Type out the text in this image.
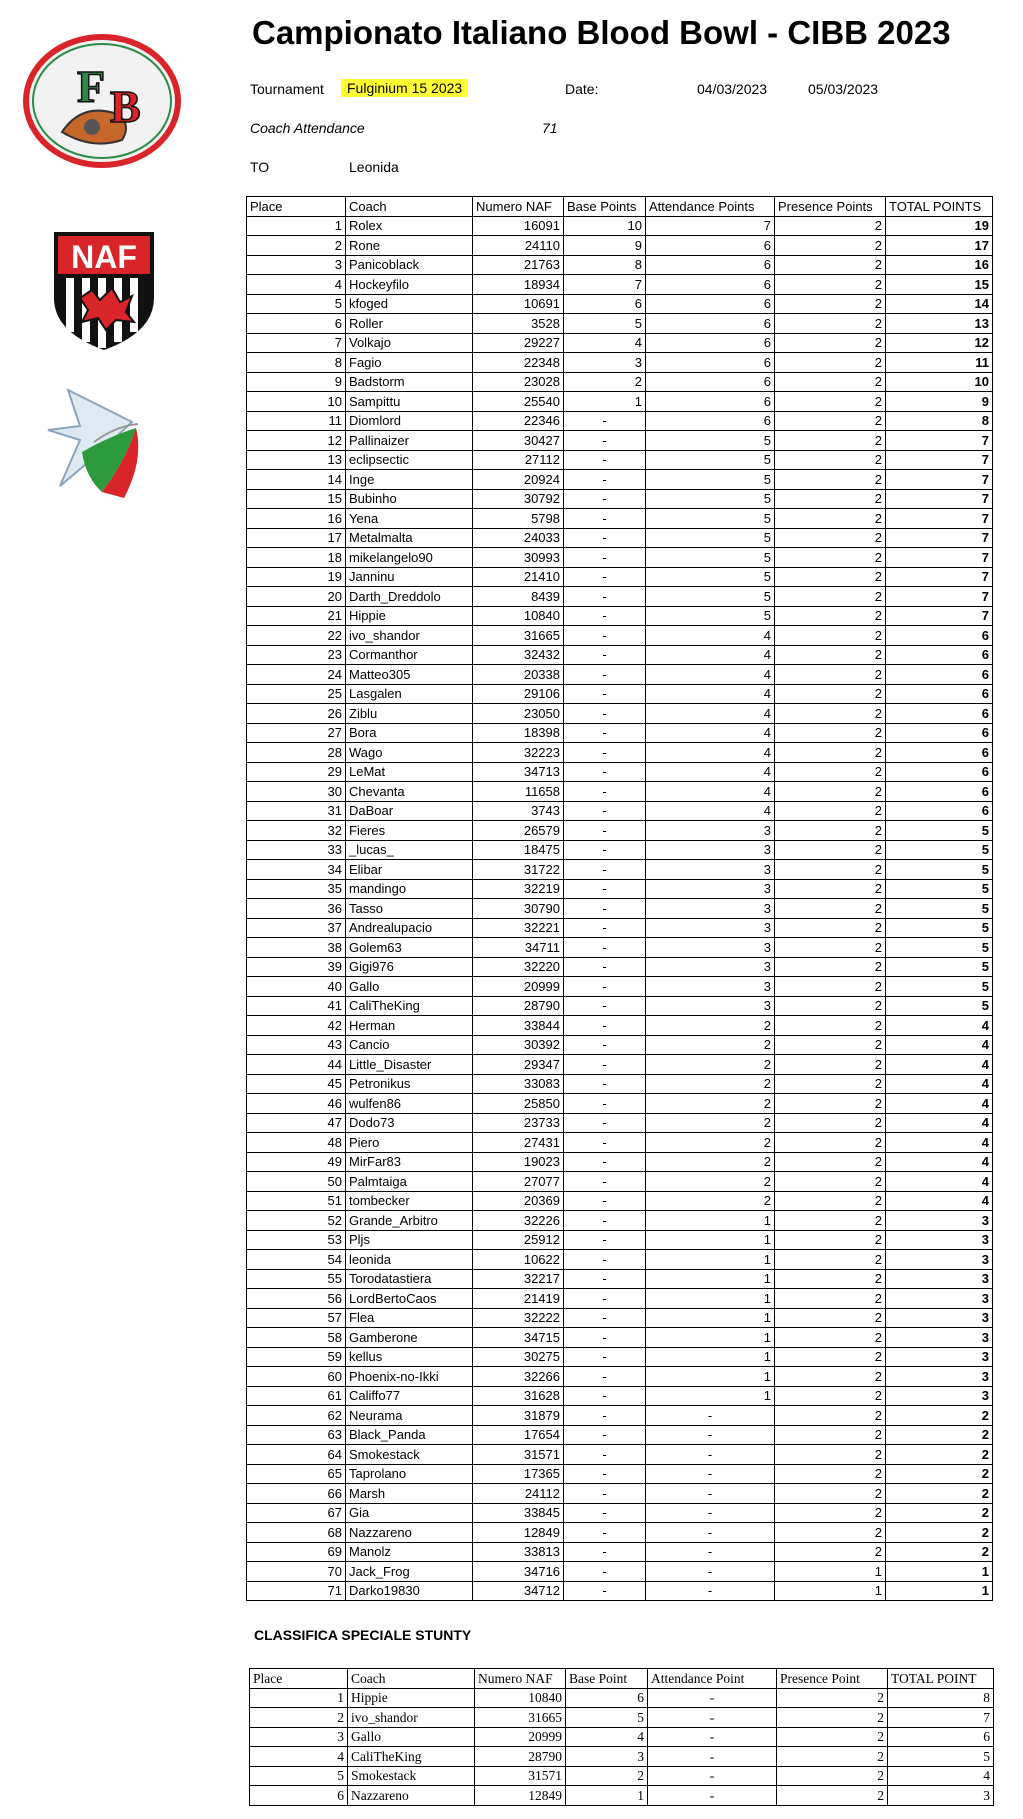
F B
NAF
Campionato Italiano Blood Bowl - CIBB 2023
Tournament	Fulginium 15 2023	Date:	04/03/2023	05/03/2023
Coach Attendance	71
TO	Leonida
Place	Coach	Numero NAF	Base Points	Attendance Points	Presence Points	TOTAL POINTS
1	Rolex	16091	10	7	2	19
2	Rone	24110	9	6	2	17
3	Panicoblack	21763	8	6	2	16
4	Hockeyfilo	18934	7	6	2	15
5	kfoged	10691	6	6	2	14
6	Roller	3528	5	6	2	13
7	Volkajo	29227	4	6	2	12
8	Fagio	22348	3	6	2	11
9	Badstorm	23028	2	6	2	10
10	Sampittu	25540	1	6	2	9
11	Diomlord	22346	-	6	2	8
12	Pallinaizer	30427	-	5	2	7
13	eclipsectic	27112	-	5	2	7
14	Inge	20924	-	5	2	7
15	Bubinho	30792	-	5	2	7
16	Yena	5798	-	5	2	7
17	Metalmalta	24033	-	5	2	7
18	mikelangelo90	30993	-	5	2	7
19	Janninu	21410	-	5	2	7
20	Darth_Dreddolo	8439	-	5	2	7
21	Hippie	10840	-	5	2	7
22	ivo_shandor	31665	-	4	2	6
23	Cormanthor	32432	-	4	2	6
24	Matteo305	20338	-	4	2	6
25	Lasgalen	29106	-	4	2	6
26	Ziblu	23050	-	4	2	6
27	Bora	18398	-	4	2	6
28	Wago	32223	-	4	2	6
29	LeMat	34713	-	4	2	6
30	Chevanta	11658	-	4	2	6
31	DaBoar	3743	-	4	2	6
32	Fieres	26579	-	3	2	5
33	_lucas_	18475	-	3	2	5
34	Elibar	31722	-	3	2	5
35	mandingo	32219	-	3	2	5
36	Tasso	30790	-	3	2	5
37	Andrealupacio	32221	-	3	2	5
38	Golem63	34711	-	3	2	5
39	Gigi976	32220	-	3	2	5
40	Gallo	20999	-	3	2	5
41	CaliTheKing	28790	-	3	2	5
42	Herman	33844	-	2	2	4
43	Cancio	30392	-	2	2	4
44	Little_Disaster	29347	-	2	2	4
45	Petronikus	33083	-	2	2	4
46	wulfen86	25850	-	2	2	4
47	Dodo73	23733	-	2	2	4
48	Piero	27431	-	2	2	4
49	MirFar83	19023	-	2	2	4
50	Palmtaiga	27077	-	2	2	4
51	tombecker	20369	-	2	2	4
52	Grande_Arbitro	32226	-	1	2	3
53	Pljs	25912	-	1	2	3
54	leonida	10622	-	1	2	3
55	Torodatastiera	32217	-	1	2	3
56	LordBertoCaos	21419	-	1	2	3
57	Flea	32222	-	1	2	3
58	Gamberone	34715	-	1	2	3
59	kellus	30275	-	1	2	3
60	Phoenix-no-Ikki	32266	-	1	2	3
61	Califfo77	31628	-	1	2	3
62	Neurama	31879	-	-	2	2
63	Black_Panda	17654	-	-	2	2
64	Smokestack	31571	-	-	2	2
65	Taprolano	17365	-	-	2	2
66	Marsh	24112	-	-	2	2
67	Gia	33845	-	-	2	2
68	Nazzareno	12849	-	-	2	2
69	Manolz	33813	-	-	2	2
70	Jack_Frog	34716	-	-	1	1
71	Darko19830	34712	-	-	1	1
CLASSIFICA SPECIALE STUNTY
Place	Coach	Numero NAF	Base Point	Attendance Point	Presence Point	TOTAL POINT
1	Hippie	10840	6	-	2	8
2	ivo_shandor	31665	5	-	2	7
3	Gallo	20999	4	-	2	6
4	CaliTheKing	28790	3	-	2	5
5	Smokestack	31571	2	-	2	4
6	Nazzareno	12849	1	-	2	3
